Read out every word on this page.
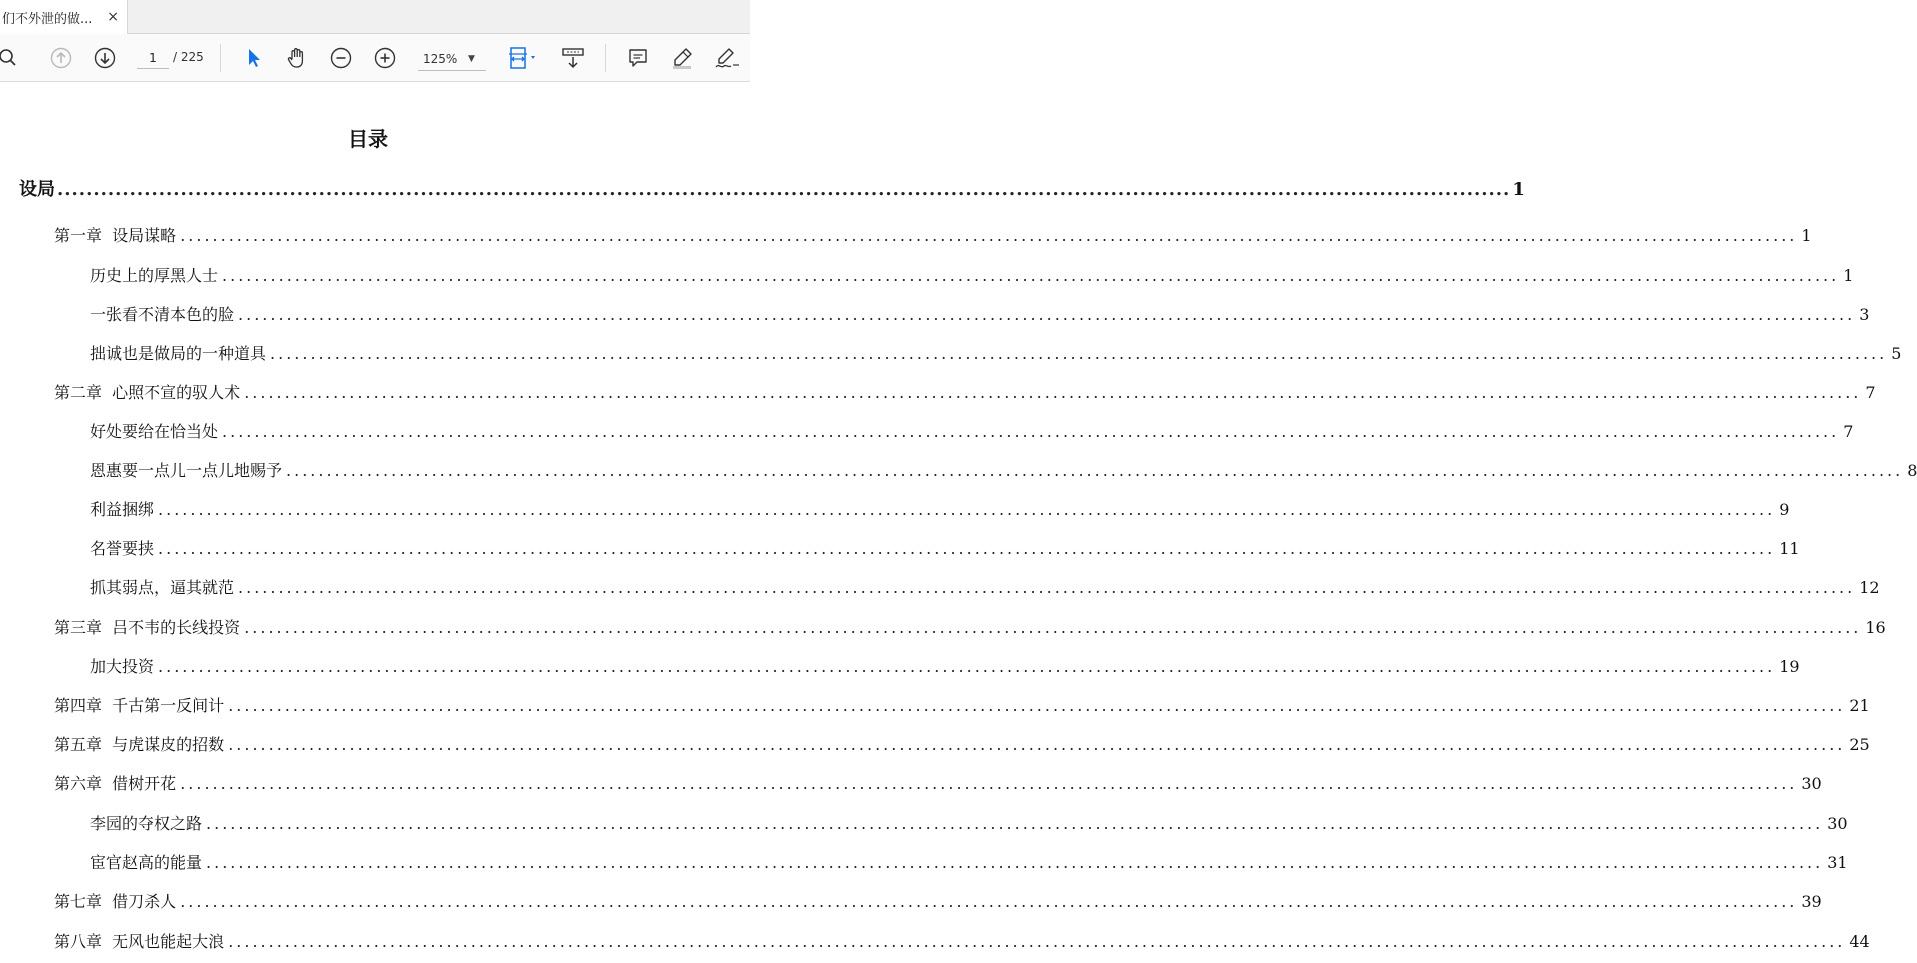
们不外泄的做...	×
1
/ 225	125%	▼
目录
设局 ........................................................................................................................................................................................................ 1
第一章  设局谋略 ........................................................................................................................................................................................................ 1
历史上的厚黑人士 ........................................................................................................................................................................................................ 1
一张看不清本色的脸 ........................................................................................................................................................................................................ 3
拙诚也是做局的一种道具 ........................................................................................................................................................................................................ 5
第二章  心照不宣的驭人术 ........................................................................................................................................................................................................ 7
好处要给在恰当处 ........................................................................................................................................................................................................ 7
恩惠要一点儿一点儿地赐予 ........................................................................................................................................................................................................ 8
利益捆绑 ........................................................................................................................................................................................................ 9
名誉要挟 ........................................................................................................................................................................................................ 11
抓其弱点，逼其就范 ........................................................................................................................................................................................................ 12
第三章  吕不韦的长线投资 ........................................................................................................................................................................................................ 16
加大投资 ........................................................................................................................................................................................................ 19
第四章  千古第一反间计 ........................................................................................................................................................................................................ 21
第五章  与虎谋皮的招数 ........................................................................................................................................................................................................ 25
第六章  借树开花 ........................................................................................................................................................................................................ 30
李园的夺权之路 ........................................................................................................................................................................................................ 30
宦官赵高的能量 ........................................................................................................................................................................................................ 31
第七章  借刀杀人 ........................................................................................................................................................................................................ 39
第八章  无风也能起大浪 ........................................................................................................................................................................................................ 44
